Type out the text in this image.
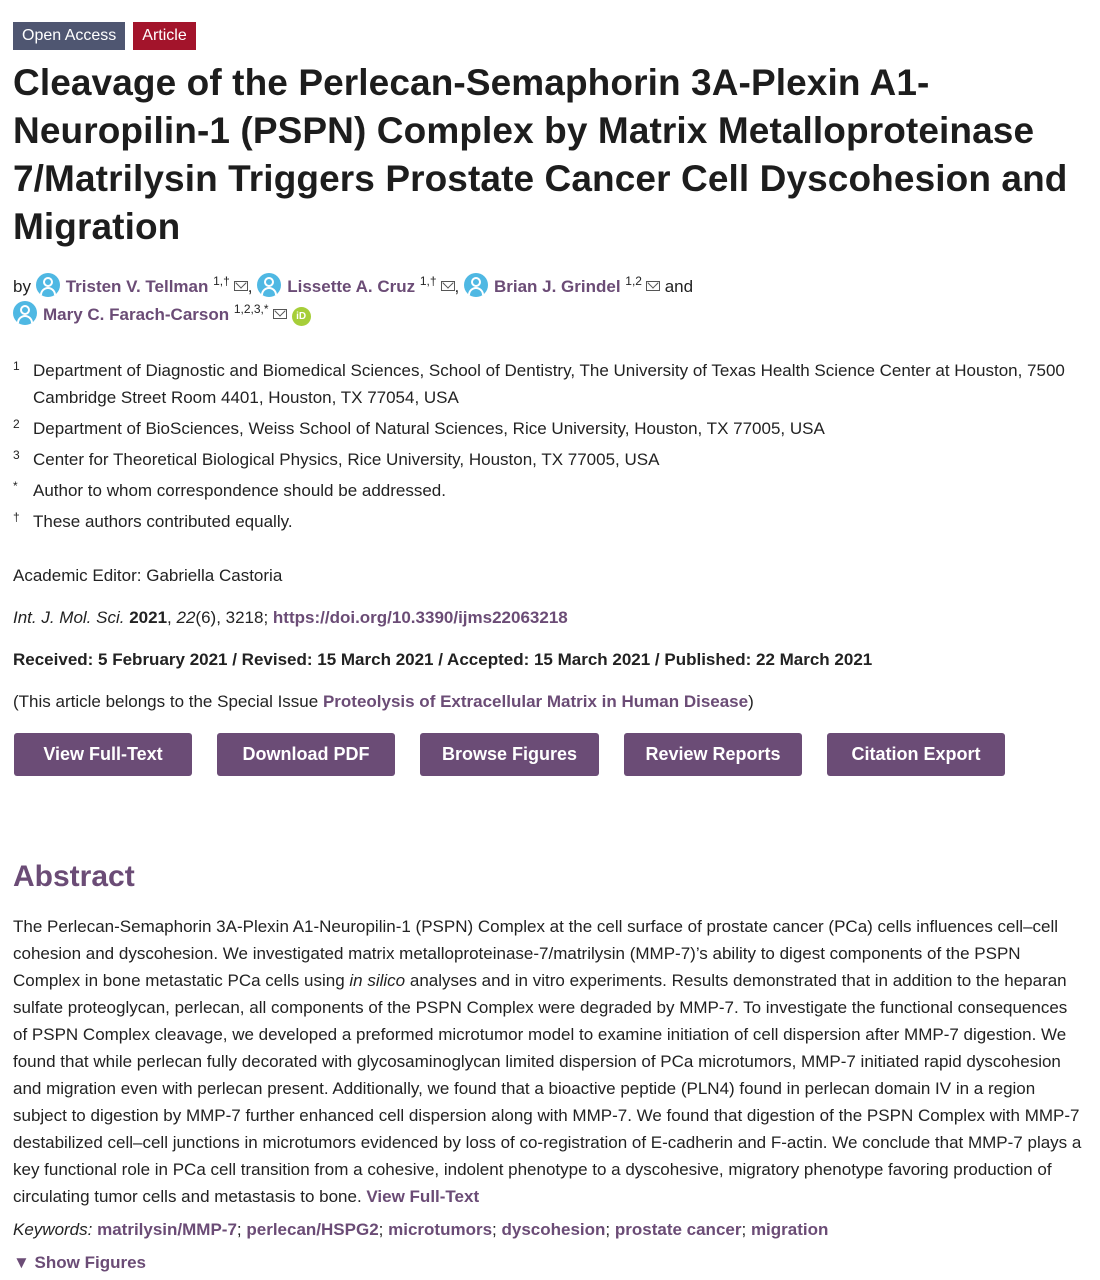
Open Access	Article
Cleavage of the Perlecan-Semaphorin 3A-Plexin A1-Neuropilin-1 (PSPN) Complex by Matrix Metalloproteinase 7/Matrilysin Triggers Prostate Cancer Cell Dyscohesion and Migration
by Tristen V. Tellman $^{1,\dagger}$ , Lissette A. Cruz $^{1,\dagger}$ , Brian J. Grindel $^{1,2}$ and
Mary C. Farach-Carson $^{1,2,3,*}$iD
1 Department of Diagnostic and Biomedical Sciences, School of Dentistry, The University of Texas Health Science Center at Houston, 7500 Cambridge Street Room 4401, Houston, TX 77054, USA
2 Department of BioSciences, Weiss School of Natural Sciences, Rice University, Houston, TX 77005, USA
3 Center for Theoretical Biological Physics, Rice University, Houston, TX 77005, USA
* Author to whom correspondence should be addressed.
† These authors contributed equally.
Academic Editor: Gabriella Castoria
Int. J. Mol. Sci. 2021, 22(6), 3218; https://doi.org/10.3390/ijms22063218
Received: 5 February 2021 / Revised: 15 March 2021 / Accepted: 15 March 2021 / Published: 22 March 2021
(This article belongs to the Special Issue Proteolysis of Extracellular Matrix in Human Disease)
View Full-Text	Download PDF	Browse Figures	Review Reports	Citation Export
Abstract
The Perlecan-Semaphorin 3A-Plexin A1-Neuropilin-1 (PSPN) Complex at the cell surface of prostate cancer (PCa) cells influences cell–cell cohesion and dyscohesion. We investigated matrix metalloproteinase-7/matrilysin (MMP-7)’s ability to digest components of the PSPN Complex in bone metastatic PCa cells using in silico analyses and in vitro experiments. Results demonstrated that in addition to the heparan sulfate proteoglycan, perlecan, all components of the PSPN Complex were degraded by MMP-7. To investigate the functional consequences of PSPN Complex cleavage, we developed a preformed microtumor model to examine initiation of cell dispersion after MMP-7 digestion. We found that while perlecan fully decorated with glycosaminoglycan limited dispersion of PCa microtumors, MMP-7 initiated rapid dyscohesion and migration even with perlecan present. Additionally, we found that a bioactive peptide (PLN4) found in perlecan domain IV in a region subject to digestion by MMP-7 further enhanced cell dispersion along with MMP-7. We found that digestion of the PSPN Complex with MMP-7 destabilized cell–cell junctions in microtumors evidenced by loss of co-registration of E-cadherin and F-actin. We conclude that MMP-7 plays a key functional role in PCa cell transition from a cohesive, indolent phenotype to a dyscohesive, migratory phenotype favoring production of circulating tumor cells and metastasis to bone. View Full-Text
Keywords: matrilysin/MMP-7; perlecan/HSPG2; microtumors; dyscohesion; prostate cancer; migration
▼ Show Figures
